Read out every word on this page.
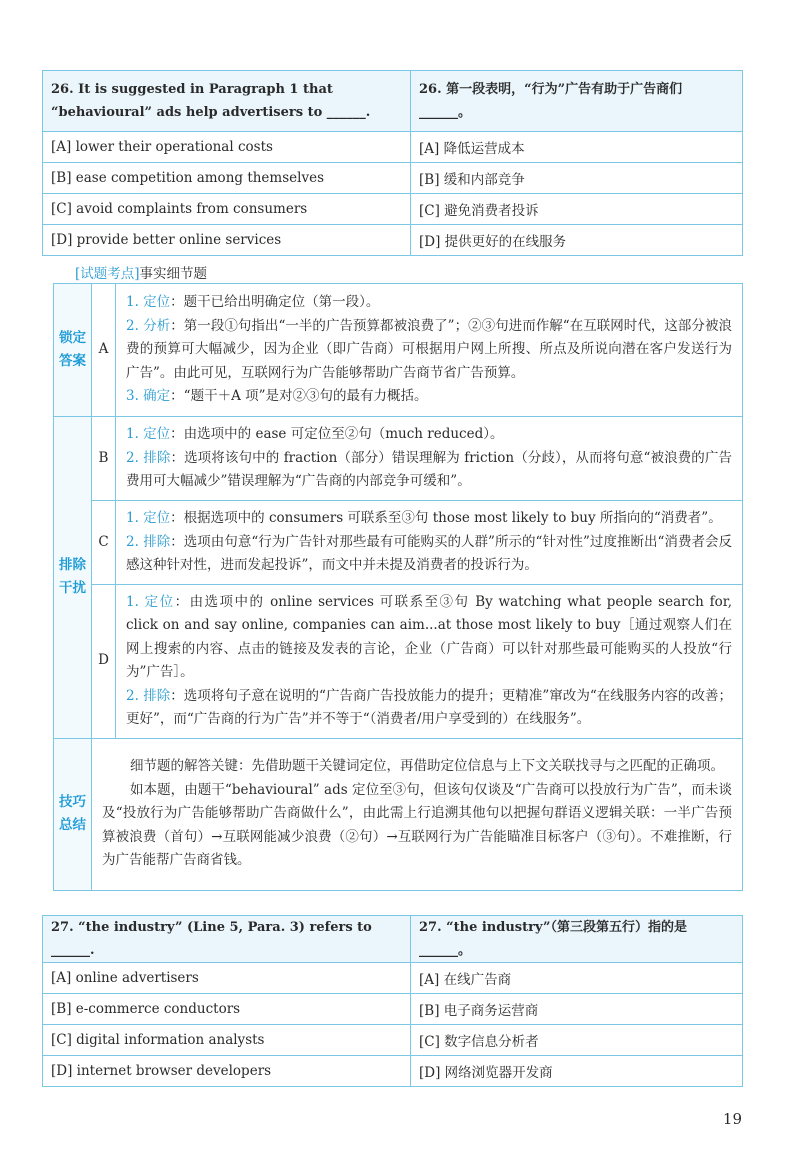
26. It is suggested in Paragraph 1 that “behavioural” ads help advertisers to ______.	26. 第一段表明，“行为”广告有助于广告商们______。
[A] lower their operational costs	[A] 降低运营成本
[B] ease competition among themselves	[B] 缓和内部竞争
[C] avoid complaints from consumers	[C] 避免消费者投诉
[D] provide better online services	[D] 提供更好的在线服务
[试题考点]事实细节题
锁定答案	A	1. 定位：题干已给出明确定位（第一段）。

2. 分析：第一段①句指出“一半的广告预算都被浪费了”；②③句进而作解“在互联网时代，这部分被浪费的预算可大幅减少，因为企业（即广告商）可根据用户网上所搜、所点及所说向潜在客户发送行为广告”。由此可见，互联网行为广告能够帮助广告商节省广告预算。

3. 确定：“题干＋A 项”是对②③句的最有力概括。

排除干扰	B	1. 定位：由选项中的 ease 可定位至②句（much reduced）。

2. 排除：选项将该句中的 fraction（部分）错误理解为 friction（分歧），从而将句意“被浪费的广告费用可大幅减少”错误理解为“广告商的内部竞争可缓和”。

	C	1. 定位：根据选项中的 consumers 可联系至③句 those most likely to buy 所指向的“消费者”。

2. 排除：选项由句意“行为广告针对那些最有可能购买的人群”所示的“针对性”过度推断出“消费者会反感这种针对性，进而发起投诉”，而文中并未提及消费者的投诉行为。

	D	1. 定位：由选项中的 online services 可联系至③句 By watching what people search for, click on and say online, companies can aim...at those most likely to buy［通过观察人们在网上搜索的内容、点击的链接及发表的言论，企业（广告商）可以针对那些最可能购买的人投放“行为”广告］。

2. 排除：选项将句子意在说明的“广告商广告投放能力的提升；更精准”窜改为“在线服务内容的改善；更好”，而“广告商的行为广告”并不等于“（消费者/用户享受到的）在线服务”。

技巧总结	细节题的解答关键：先借助题干关键词定位，再借助定位信息与上下文关联找寻与之匹配的正确项。

如本题，由题干“behavioural” ads 定位至③句，但该句仅谈及“广告商可以投放行为广告”，而未谈及“投放行为广告能够帮助广告商做什么”，由此需上行追溯其他句以把握句群语义逻辑关联：一半广告预算被浪费（首句）→互联网能减少浪费（②句）→互联网行为广告能瞄准目标客户（③句）。不难推断，行为广告能帮广告商省钱。	

27. “the industry” (Line 5, Para. 3) refers to ______.	27. “the industry”（第三段第五行）指的是______。
[A] online advertisers	[A] 在线广告商
[B] e-commerce conductors	[B] 电子商务运营商
[C] digital information analysts	[C] 数字信息分析者
[D] internet browser developers	[D] 网络浏览器开发商
19
